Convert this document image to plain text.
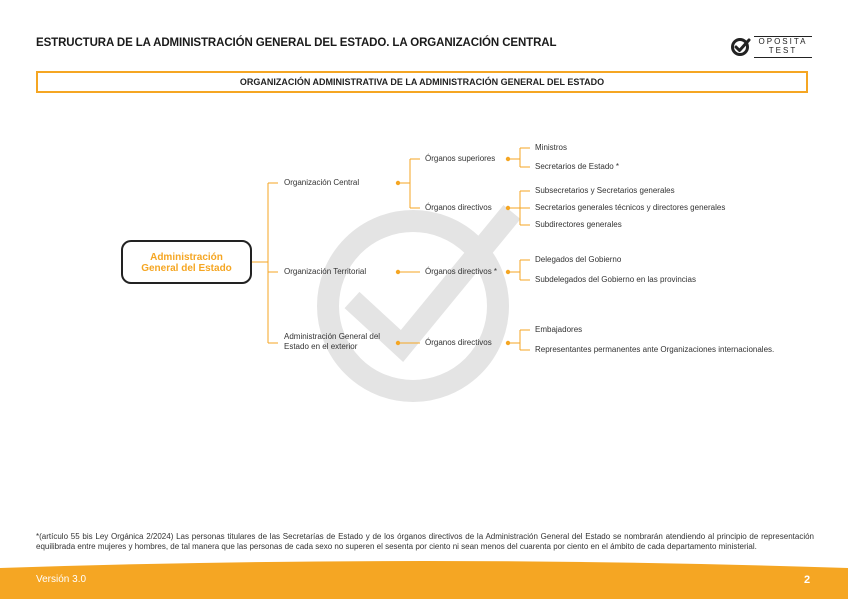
ESTRUCTURA DE LA ADMINISTRACIÓN GENERAL DEL ESTADO. LA ORGANIZACIÓN CENTRAL	OPOSITA
TEST
ORGANIZACIÓN ADMINISTRATIVA DE LA ADMINISTRACIÓN GENERAL DEL ESTADO
Administración
General del Estado
Organización Central
Organización Territorial
Administración General del
Estado en el exterior
Órganos superiores
Órganos directivos
Órganos directivos *
Órganos directivos
Ministros
Secretarios de Estado *
Subsecretarios y Secretarios generales
Secretarios generales técnicos y directores generales
Subdirectores generales
Delegados del Gobierno
Subdelegados del Gobierno en las provincias
Embajadores
Representantes permanentes ante Organizaciones internacionales.
*(artículo 55 bis Ley Orgánica 2/2024) Las personas titulares de las Secretarías de Estado y de los órganos directivos de la Administración General del Estado se nombrarán atendiendo al principio de representación equilibrada entre mujeres y hombres, de tal manera que las personas de cada sexo no superen el sesenta por ciento ni sean menos del cuarenta por ciento en el ámbito de cada departamento ministerial.
Versión 3.0	2
